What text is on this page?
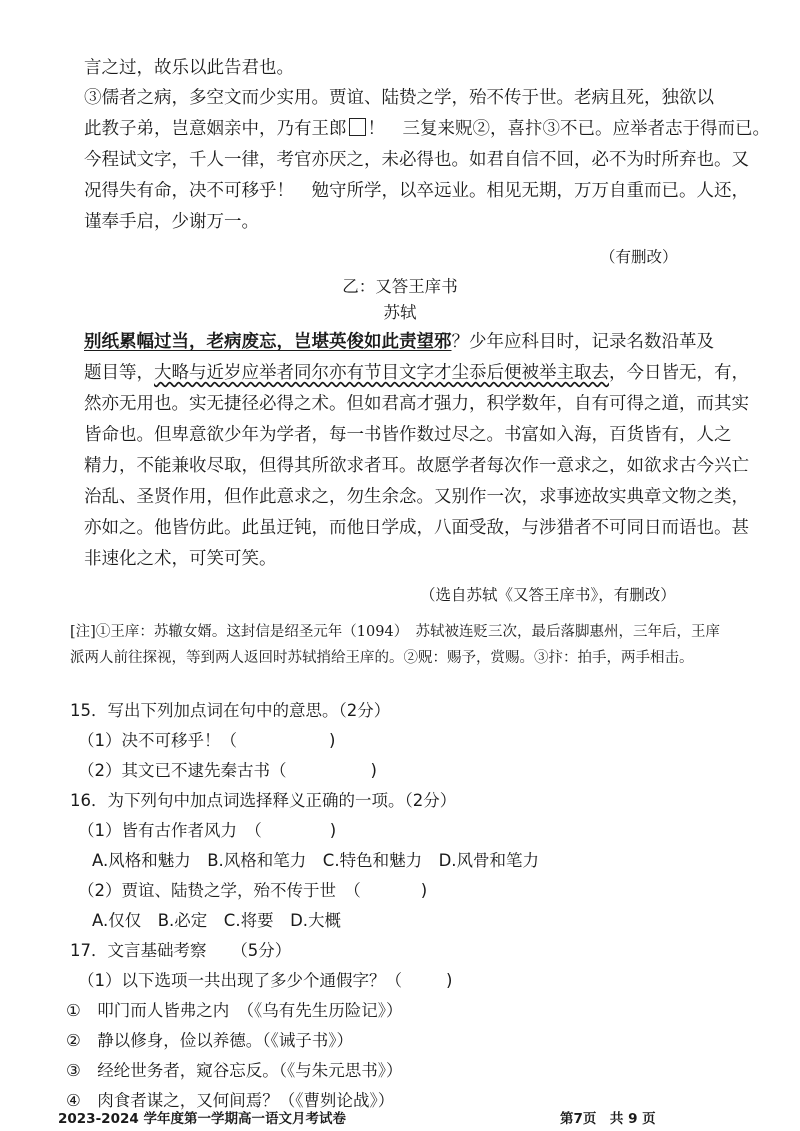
言之过，故乐以此告君也。
③儒者之病，多空文而少实用。贾谊、陆贽之学，殆不传于世。老病且死，独欲以
此教子弟，岂意姻亲中，乃有王郎 ！　三复来贶②，喜抃③不已。应举者志于得而已。
今程试文字，千人一律，考官亦厌之，未必得也。如君自信不回，必不为时所弃也。又
况得失有命，决不可移乎！　勉守所学，以卒远业。相见无期，万万自重而已。人还，
谨奉手启，少谢万一。
（有删改）
乙：又答王庠书
苏轼
别纸累幅过当，老病废忘，岂堪英俊如此责望邪？少年应科目时，记录名数沿革及
题目等，大略与近岁应举者同尔亦有节目文字才尘忝后便被举主取去，今日皆无，有，
然亦无用也。实无捷径必得之术。但如君高才强力，积学数年，自有可得之道，而其实
皆命也。但卑意欲少年为学者，每一书皆作数过尽之。书富如入海，百货皆有，人之
精力，不能兼收尽取，但得其所欲求者耳。故愿学者每次作一意求之，如欲求古今兴亡
治乱、圣贤作用，但作此意求之，勿生余念。又别作一次，求事迹故实典章文物之类，
亦如之。他皆仿此。此虽迂钝，而他日学成，八面受敌，与涉猎者不可同日而语也。甚
非速化之术，可笑可笑。
（选自苏轼《又答王庠书》，有删改）
[注]①王庠：苏辙女婿。这封信是绍圣元年（1094）　苏轼被连贬三次，最后落脚惠州，三年后，王庠
派两人前往探视，等到两人返回时苏轼捎给王庠的。②贶：赐予，赏赐。③抃：拍手，两手相击。
15．写出下列加点词在句中的意思。（2分）
（1）决不可移乎！（	)
（2）其文已不逮先秦古书（	)
16．为下列句中加点词选择释义正确的一项。（2分）
（1）皆有古作者风力　（	)
A.风格和魅力　B.风格和笔力　C.特色和魅力　D.风骨和笔力
（2）贾谊、陆贽之学，殆不传于世　（	)
A.仅仅　B.必定　C.将要　D.大概
17．文言基础考察　　（5分）
（1）以下选项一共出现了多少个通假字？（	)
①　叩门而人皆弗之内　（《乌有先生历险记》）
②　静以修身，俭以养德。（《诫子书》）
③　经纶世务者，窥谷忘反。（《与朱元思书》）
④　肉食者谋之，又何间焉？（《曹刿论战》）
2023-2024 学年度第一学期高一语文月考试卷	第7页　共 9 页
